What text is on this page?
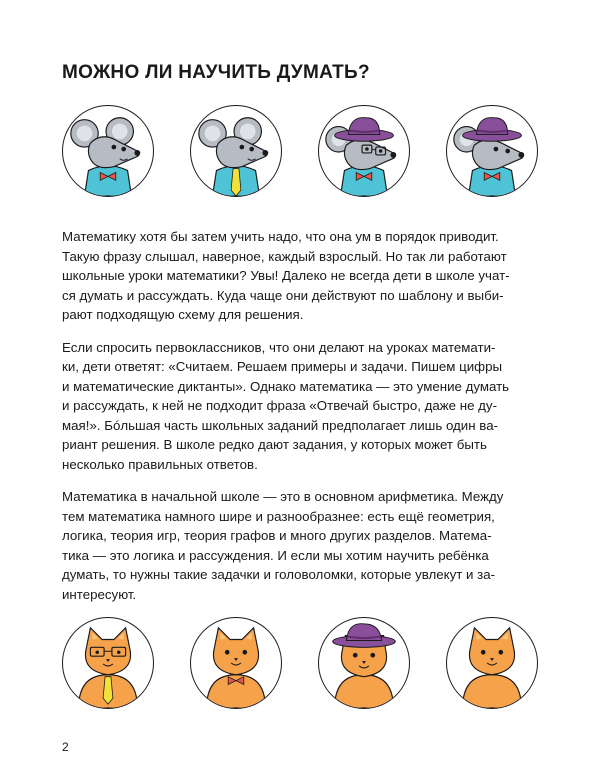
МОЖНО ЛИ НАУЧИТЬ ДУМАТЬ?

Математику хотя бы затем учить надо, что она ум в порядок приводит.
Такую фразу слышал, наверное, каждый взрослый. Но так ли работают
школьные уроки математики? Увы! Далеко не всегда дети в школе учат-
ся думать и рассуждать. Куда чаще они действуют по шаблону и выби-
рают подходящую схему для решения.

Если спросить первоклассников, что они делают на уроках математи-
ки, дети ответят: «Считаем. Решаем примеры и задачи. Пишем цифры
и математические диктанты». Однако математика — это умение думать
и рассуждать, к ней не подходит фраза «Отвечай быстро, даже не ду-
мая!». Бóльшая часть школьных заданий предполагает лишь один ва-
риант решения. В школе редко дают задания, у которых может быть
несколько правильных ответов.

Математика в начальной школе — это в основном арифметика. Между
тем математика намного шире и разнообразнее: есть ещё геометрия,
логика, теория игр, теория графов и много других разделов. Матема-
тика — это логика и рассуждения. И если мы хотим научить ребёнка
думать, то нужны такие задачки и головоломки, которые увлекут и за-
интересуют.

2
